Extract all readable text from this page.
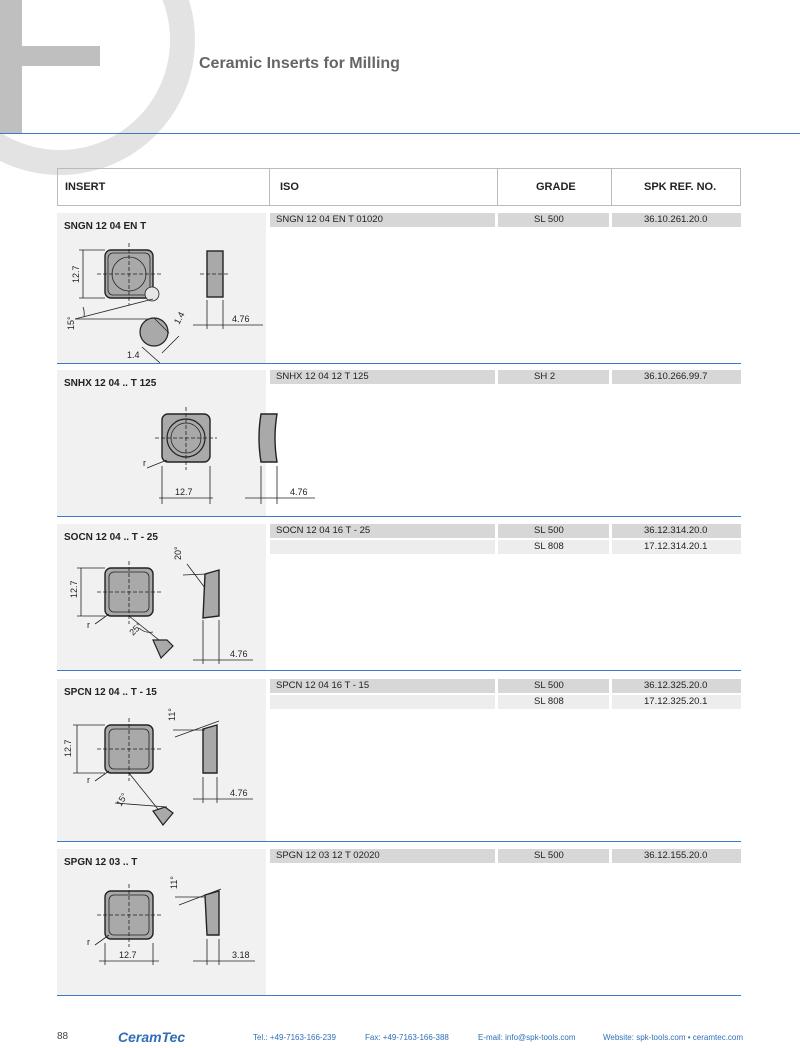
Ceramic Inserts for Milling
INSERT	ISO	GRADE	SPK REF. NO.
SNGN 12 04 EN T
12.7
15°	1.4
1.4
4.76
SNGN 12 04 EN T 01020	SL 500	36.10.261.20.0
SNHX 12 04 .. T 125
r
12.7	4.76
SNHX 12 04 12 T 125	SH 2	36.10.266.99.7
SOCN 12 04 .. T - 25
12.7
r	25°
20°
4.76
SOCN 12 04 16 T - 25	SL 500	36.12.314.20.0
SL 808	17.12.314.20.1
SPCN 12 04 .. T - 15
12.7
r
15°
11°
4.76
SPCN 12 04 16 T - 15	SL 500	36.12.325.20.0
SL 808	17.12.325.20.1
SPGN 12 03 .. T
r
12.7
11°
3.18
SPGN 12 03 12 T 02020	SL 500	36.12.155.20.0
88	CeramTec	Tel.: +49-7163-166-239	Fax: +49-7163-166-388	E-mail: info@spk-tools.com	Website: spk-tools.com • ceramtec.com
